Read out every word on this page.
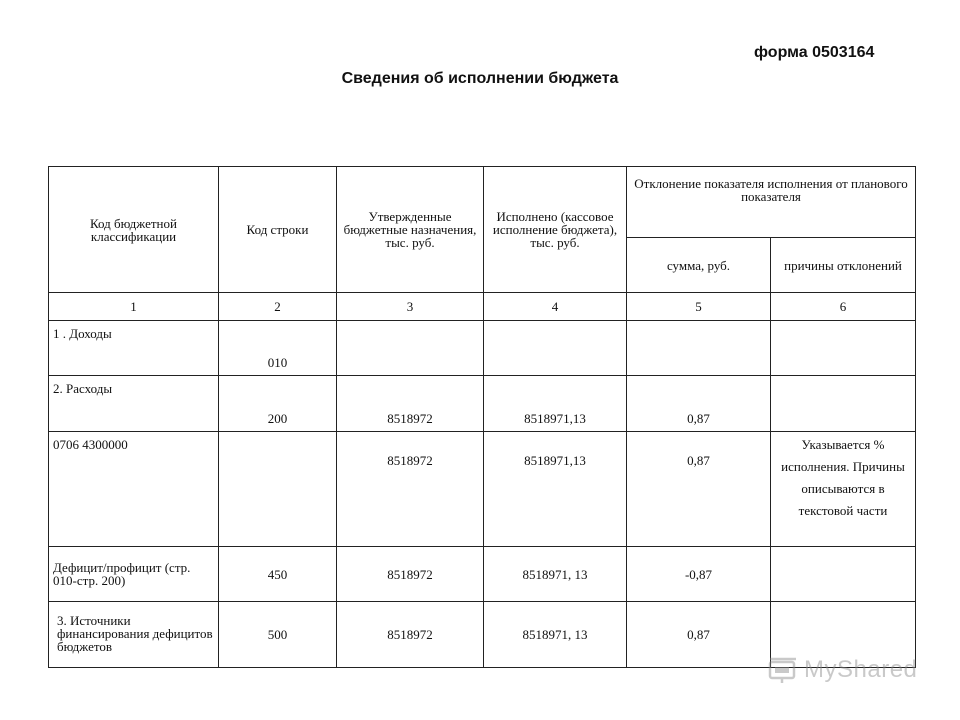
форма 0503164
Сведения об исполнении бюджета
Код бюджетной классификации	Код строки	Утвержденные бюджетные назначения, тыс. руб.	Исполнено (кассовое исполнение бюджета), тыс. руб.	Отклонение показателя исполнения от планового показателя	
				сумма, руб.	причины отклонений
1	2	3	4	5	6
1 . Доходы	010				
2. Расходы	200	8518972	8518971,13	0,87	
0706 4300000		8518972	8518971,13	0,87	Указывается % исполнения. Причины описываются в текстовой части
Дефицит/профицит (стр. 010-стр. 200)	450	8518972	8518971, 13	-0,87	
3. Источники финансирования дефицитов бюджетов	500	8518972	8518971, 13	0,87	
MyShared
